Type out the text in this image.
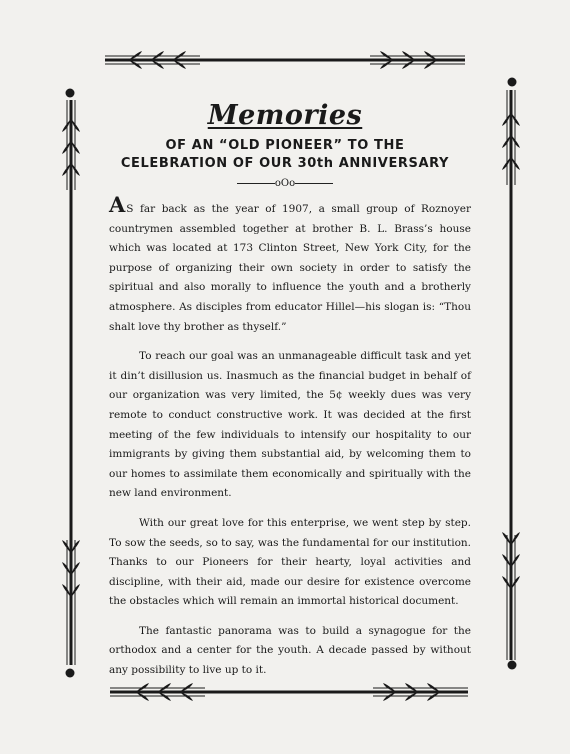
Memories
OF AN “OLD PIONEER” TO THE
CELEBRATION OF OUR 30th ANNIVERSARY
oOo

AS far back as the year of 1907, a small group of Roznoyer countrymen assembled together at brother B. L. Brass’s house which was located at 173 Clinton Street, New York City, for the purpose of organizing their own society in order to satisfy the spiritual and also morally to influence the youth and a brotherly atmosphere. As disciples from educator Hillel—his slogan is: “Thou shalt love thy brother as thyself.”

To reach our goal was an unmanageable difficult task and yet it din’t disillusion us. Inasmuch as the financial budget in behalf of our organization was very limited, the 5¢ weekly dues was very remote to conduct constructive work. It was decided at the first meeting of the few individuals to intensify our hospitality to our immigrants by giving them substantial aid, by welcoming them to our homes to assimilate them economically and spiritually with the new land environment.

With our great love for this enterprise, we went step by step. To sow the seeds, so to say, was the fundamental for our institution. Thanks to our Pioneers for their hearty, loyal activities and discipline, with their aid, made our desire for existence overcome the obstacles which will remain an immortal historical document.

The fantastic panorama was to build a synagogue for the orthodox and a center for the youth. A decade passed by without any possibility to live up to it.
